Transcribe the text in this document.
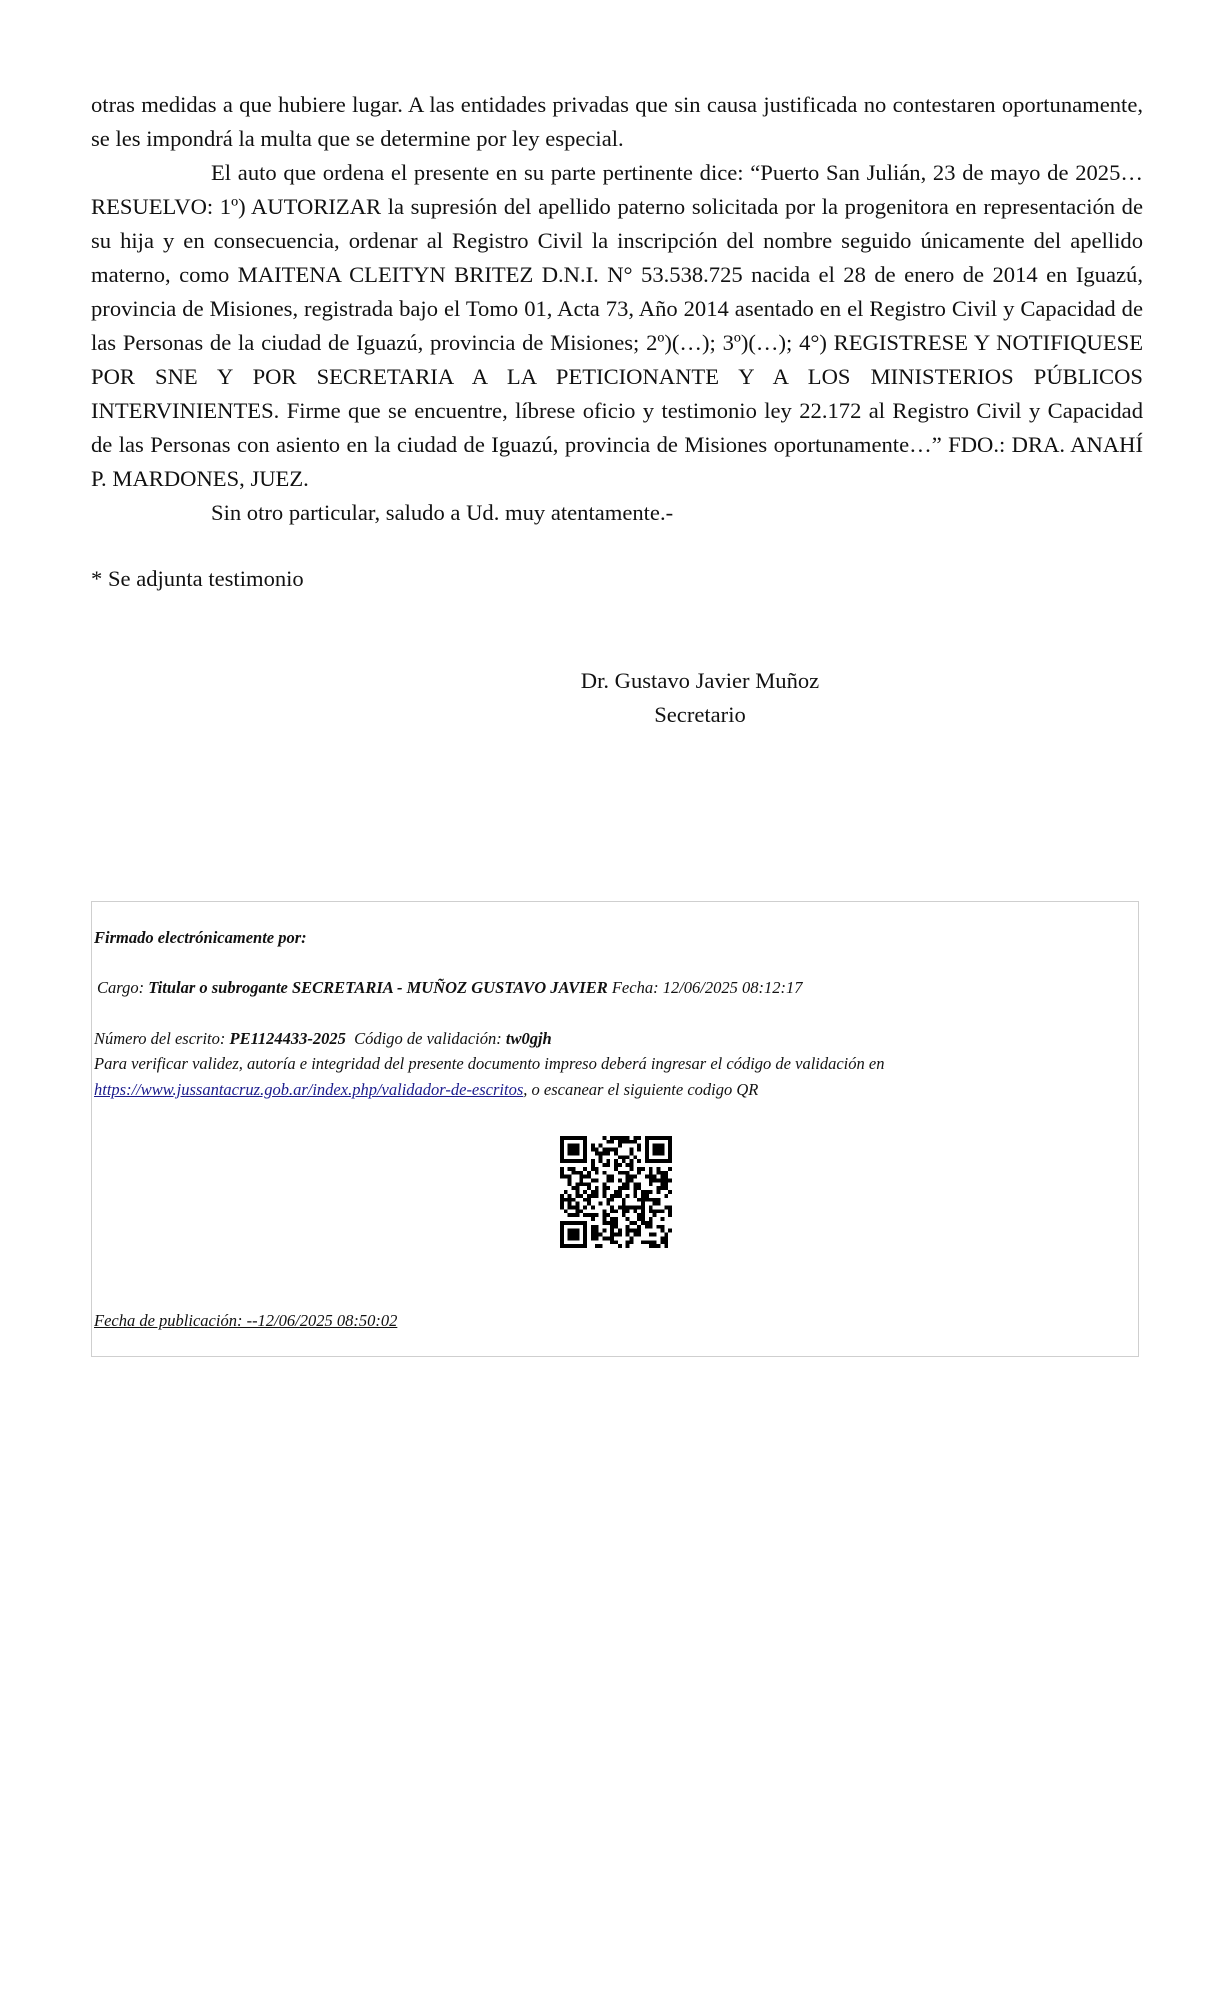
otras medidas a que hubiere lugar. A las entidades privadas que sin causa justificada no contestaren oportunamente, se les impondrá la multa que se determine por ley especial.

El auto que ordena el presente en su parte pertinente dice: “Puerto San Julián, 23 de mayo de 2025…RESUELVO: 1º) AUTORIZAR la supresión del apellido paterno solicitada por la progenitora en representación de su hija y en consecuencia, ordenar al Registro Civil la inscripción del nombre seguido únicamente del apellido materno, como MAITENA CLEITYN BRITEZ D.N.I. N° 53.538.725 nacida el 28 de enero de 2014 en Iguazú, provincia de Misiones, registrada bajo el Tomo 01, Acta 73, Año 2014 asentado en el Registro Civil y Capacidad de las Personas de la ciudad de Iguazú, provincia de Misiones; 2º)(…); 3º)(…); 4°) REGISTRESE Y NOTIFIQUESE POR SNE Y POR SECRETARIA A LA PETICIONANTE Y A LOS MINISTERIOS PÚBLICOS INTERVINIENTES. Firme que se encuentre, líbrese oficio y testimonio ley 22.172 al Registro Civil y Capacidad de las Personas con asiento en la ciudad de Iguazú, provincia de Misiones oportunamente…” FDO.: DRA. ANAHÍ P. MARDONES, JUEZ.

Sin otro particular, saludo a Ud. muy atentamente.-

* Se adjunta testimonio

Dr. Gustavo Javier Muñoz
Secretario
Firmado electrónicamente por:
Cargo: Titular o subrogante SECRETARIA - MUÑOZ GUSTAVO JAVIER Fecha: 12/06/2025 08:12:17
Número del escrito: PE1124433-2025 Código de validación: tw0gjh
Para verificar validez, autoría e integridad del presente documento impreso deberá ingresar el código de validación en
https://www.jussantacruz.gob.ar/index.php/validador-de-escritos, o escanear el siguiente codigo QR
Fecha de publicación: --12/06/2025 08:50:02
